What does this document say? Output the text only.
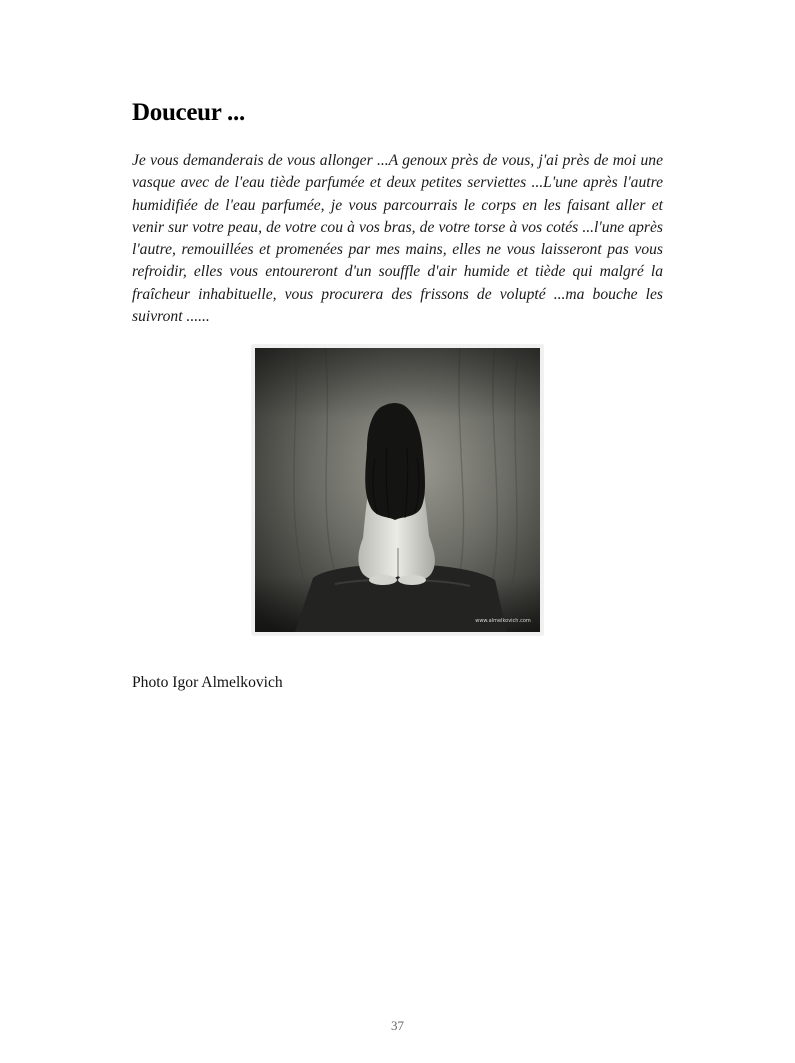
Douceur ...

Je vous demanderais de vous allonger ...A genoux près de vous, j'ai près de moi une vasque avec de l'eau tiède parfumée et deux petites serviettes ...L'une après l'autre humidifiée de l'eau parfumée, je vous parcourrais le corps en les faisant aller et venir sur votre peau, de votre cou à vos bras, de votre torse à vos cotés ...l'une après l'autre, remouillées et promenées par mes mains, elles ne vous laisseront pas vous refroidir, elles vous entoureront d'un souffle d'air humide et tiède qui malgré la fraîcheur inhabituelle, vous procurera des frissons de volupté ...ma bouche les suivront ......

www.almelkovich.com

Photo Igor Almelkovich

37
